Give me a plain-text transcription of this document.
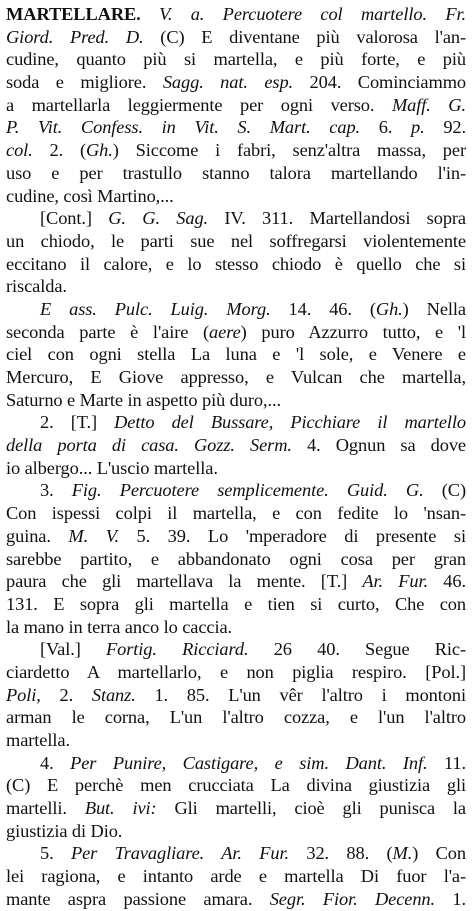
MARTELLARE. V. a. Percuotere col martello. Fr.
Giord. Pred. D. (C) E diventane più valorosa l'an-
cudine, quanto più si martella, e più forte, e più
soda e migliore. Sagg. nat. esp. 204. Cominciammo
a martellarla leggiermente per ogni verso. Maff. G.
P. Vit. Confess. in Vit. S. Mart. cap. 6. p. 92.
col. 2. (Gh.) Siccome i fabri, senz'altra massa, per
uso e per trastullo stanno talora martellando l'in-
cudine, così Martino,...
[Cont.] G. G. Sag. IV. 311. Martellandosi sopra
un chiodo, le parti sue nel soffregarsi violentemente
eccitano il calore, e lo stesso chiodo è quello che si
riscalda.
E ass. Pulc. Luig. Morg. 14. 46. (Gh.) Nella
seconda parte è l'aire (aere) puro Azzurro tutto, e 'l
ciel con ogni stella La luna e 'l sole, e Venere e
Mercuro, E Giove appresso, e Vulcan che martella,
Saturno e Marte in aspetto più duro,...
2. [T.] Detto del Bussare, Picchiare il martello
della porta di casa. Gozz. Serm. 4. Ognun sa dove
io albergo... L'uscio martella.
3. Fig. Percuotere semplicemente. Guid. G. (C)
Con ispessi colpi il martella, e con fedite lo 'nsan-
guina. M. V. 5. 39. Lo 'mperadore di presente si
sarebbe partito, e abbandonato ogni cosa per gran
paura che gli martellava la mente. [T.] Ar. Fur. 46.
131. E sopra gli martella e tien si curto, Che con
la mano in terra anco lo caccia.
[Val.] Fortig. Ricciard. 26 40. Segue Ric-
ciardetto A martellarlo, e non piglia respiro. [Pol.]
Poli, 2. Stanz. 1. 85. L'un vêr l'altro i montoni
arman le corna, L'un l'altro cozza, e l'un l'altro
martella.
4. Per Punire, Castigare, e sim. Dant. Inf. 11.
(C) E perchè men crucciata La divina giustizia gli
martelli. But. ivi: Gli martelli, cioè gli punisca la
giustizia di Dio.
5. Per Travagliare. Ar. Fur. 32. 88. (M.) Con
lei ragiona, e intanto arde e martella Di fuor l'a-
mante aspra passione amara. Segr. Fior. Decenn. 1.
